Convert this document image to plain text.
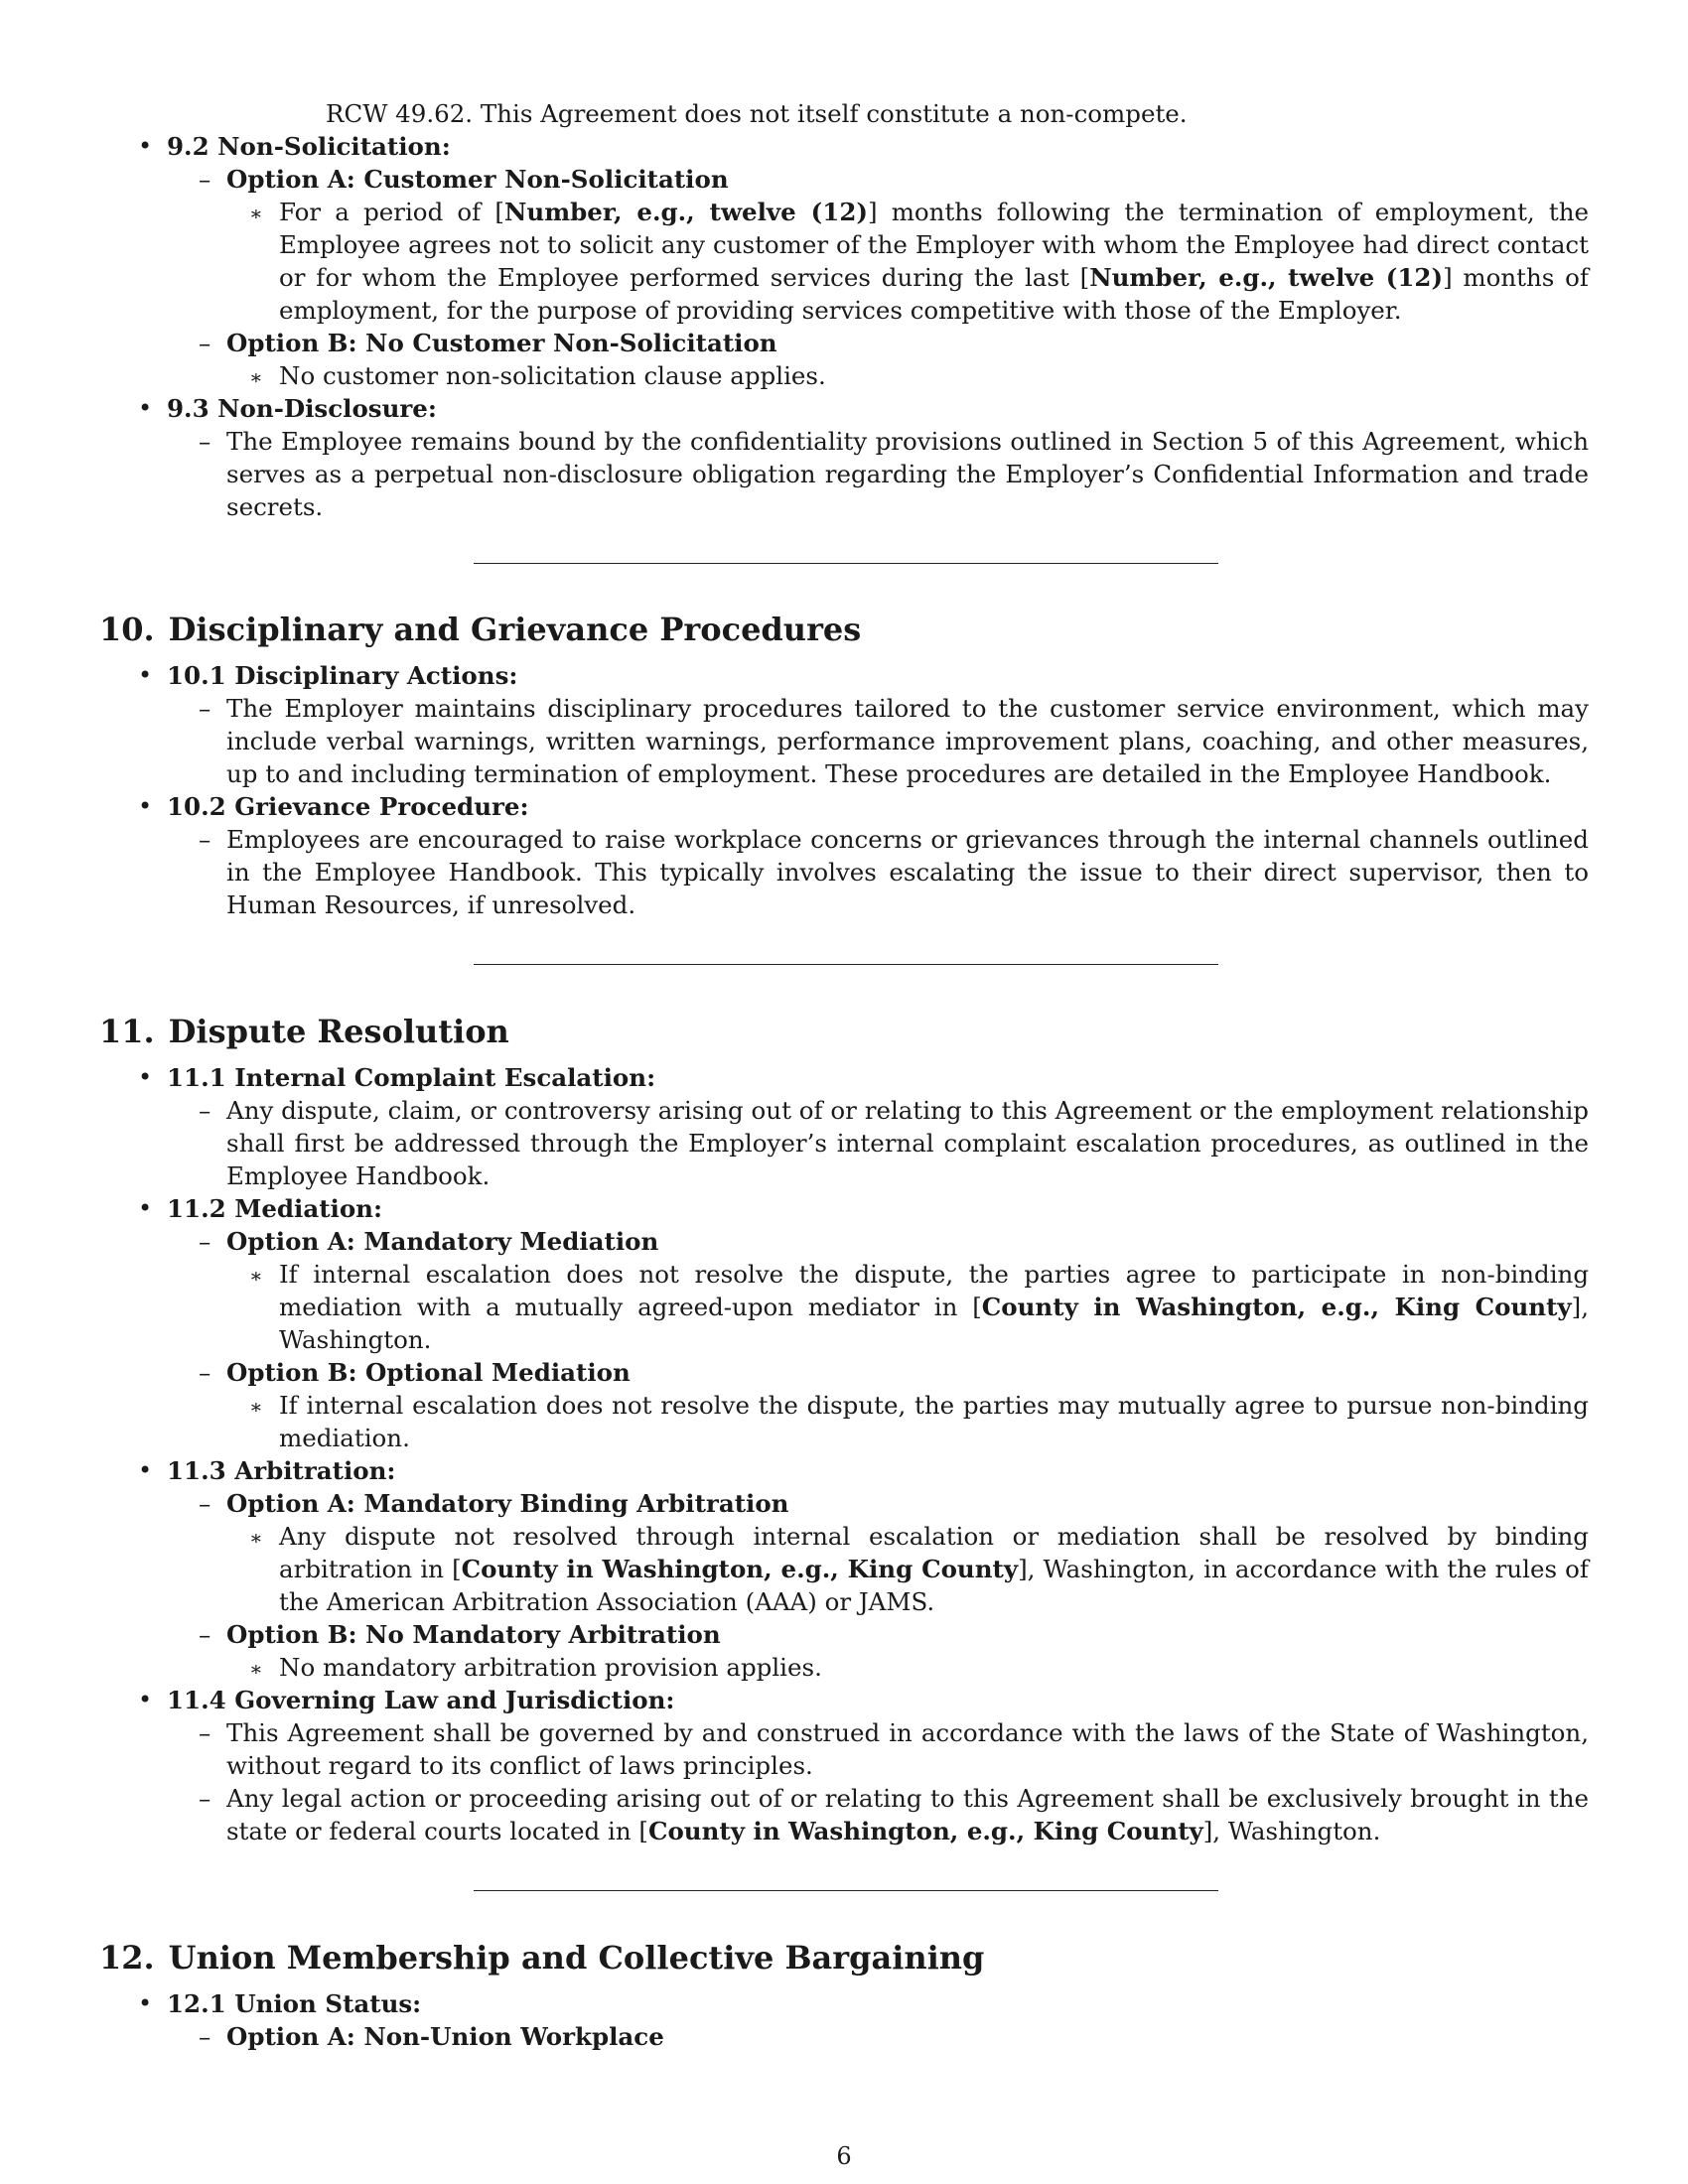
RCW 49.62. This Agreement does not itself constitute a non-compete.

• 9.2 Non-Solicitation:

– Option A: Customer Non-Solicitation

∗ For a period of [Number, e.g., twelve (12)] months following the termination of employment, the Employee agrees not to solicit any customer of the Employer with whom the Employee had direct contact or for whom the Employee performed services during the last [Number, e.g., twelve (12)] months of employment, for the purpose of providing services competitive with those of the Employer.

– Option B: No Customer Non-Solicitation

∗ No customer non-solicitation clause applies.

• 9.3 Non-Disclosure:

– The Employee remains bound by the confidentiality provisions outlined in Section 5 of this Agreement, which serves as a perpetual non-disclosure obligation regarding the Employer’s Confidential Information and trade secrets.

10. Disciplinary and Grievance Procedures
• 10.1 Disciplinary Actions:

– The Employer maintains disciplinary procedures tailored to the customer service environment, which may include verbal warnings, written warnings, performance improvement plans, coaching, and other measures, up to and including termination of employment. These procedures are detailed in the Employee Handbook.

• 10.2 Grievance Procedure:

– Employees are encouraged to raise workplace concerns or grievances through the internal channels outlined in the Employee Handbook. This typically involves escalating the issue to their direct supervisor, then to Human Resources, if unresolved.

11. Dispute Resolution
• 11.1 Internal Complaint Escalation:

– Any dispute, claim, or controversy arising out of or relating to this Agreement or the employment relationship shall first be addressed through the Employer’s internal complaint escalation procedures, as outlined in the Employee Handbook.

• 11.2 Mediation:

– Option A: Mandatory Mediation

∗ If internal escalation does not resolve the dispute, the parties agree to participate in non-binding mediation with a mutually agreed-upon mediator in [County in Washington, e.g., King County], Washington.

– Option B: Optional Mediation

∗ If internal escalation does not resolve the dispute, the parties may mutually agree to pursue non-binding mediation.

• 11.3 Arbitration:

– Option A: Mandatory Binding Arbitration

∗ Any dispute not resolved through internal escalation or mediation shall be resolved by binding arbitration in [County in Washington, e.g., King County], Washington, in accordance with the rules of the American Arbitration Association (AAA) or JAMS.

– Option B: No Mandatory Arbitration

∗ No mandatory arbitration provision applies.

• 11.4 Governing Law and Jurisdiction:

– This Agreement shall be governed by and construed in accordance with the laws of the State of Washington, without regard to its conflict of laws principles.

– Any legal action or proceeding arising out of or relating to this Agreement shall be exclusively brought in the state or federal courts located in [County in Washington, e.g., King County], Washington.

12. Union Membership and Collective Bargaining
• 12.1 Union Status:

– Option A: Non-Union Workplace

6
